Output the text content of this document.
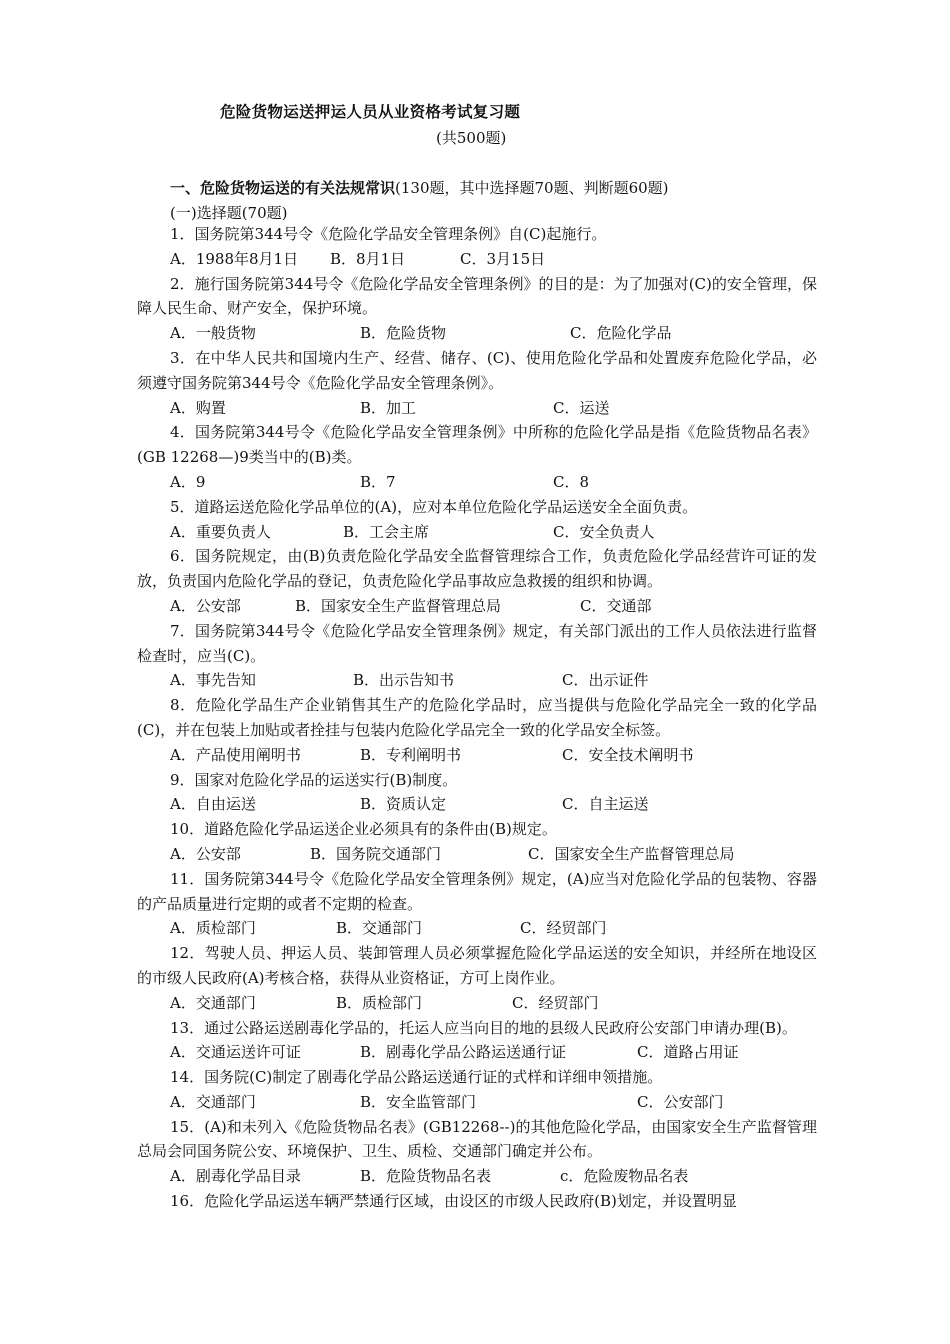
危险货物运送押运人员从业资格考试复习题
(共500题)
一、危险货物运送的有关法规常识(130题，其中选择题70题、判断题60题)
(一)选择题(70题)

1．国务院第344号令《危险化学品安全管理条例》自(C)起施行。

A．1988年8月1日 B．8月1日	C．3月15日

2．施行国务院第344号令《危险化学品安全管理条例》的目的是：为了加强对(C)的安全管理，保障人民生命、财产安全，保护环境。

A．一般货物	B．危险货物	C．危险化学品

3．在中华人民共和国境内生产、经营、储存、(C)、使用危险化学品和处置废弃危险化学品，必须遵守国务院第344号令《危险化学品安全管理条例》。

A．购置	B．加工	C．运送

4．国务院第344号令《危险化学品安全管理条例》中所称的危险化学品是指《危险货物品名表》(GB 12268—)9类当中的(B)类。

A．9	B．7	C．8

5．道路运送危险化学品单位的(A)，应对本单位危险化学品运送安全全面负责。

A．重要负责人	B．工会主席	C．安全负责人

6．国务院规定，由(B)负责危险化学品安全监督管理综合工作，负责危险化学品经营许可证的发放，负责国内危险化学品的登记，负责危险化学品事故应急救援的组织和协调。

A．公安部	B．国家安全生产监督管理总局	C．交通部

7．国务院第344号令《危险化学品安全管理条例》规定，有关部门派出的工作人员依法进行监督检查时，应当(C)。

A．事先告知	B．出示告知书	C．出示证件

8．危险化学品生产企业销售其生产的危险化学品时，应当提供与危险化学品完全一致的化学品(C)，并在包装上加贴或者拴挂与包装内危险化学品完全一致的化学品安全标签。

A．产品使用阐明书	B．专利阐明书	C．安全技术阐明书

9．国家对危险化学品的运送实行(B)制度。

A．自由运送	B．资质认定	C．自主运送

10．道路危险化学品运送企业必须具有的条件由(B)规定。

A．公安部	B．国务院交通部门	C．国家安全生产监督管理总局

11．国务院第344号令《危险化学品安全管理条例》规定，(A)应当对危险化学品的包装物、容器的产品质量进行定期的或者不定期的检查。

A．质检部门	B．交通部门	C．经贸部门

12．驾驶人员、押运人员、装卸管理人员必须掌握危险化学品运送的安全知识，并经所在地设区的市级人民政府(A)考核合格，获得从业资格证，方可上岗作业。

A．交通部门	B．质检部门	C．经贸部门

13．通过公路运送剧毒化学品的，托运人应当向目的地的县级人民政府公安部门申请办理(B)。

A．交通运送许可证	B．剧毒化学品公路运送通行证	C．道路占用证

14．国务院(C)制定了剧毒化学品公路运送通行证的式样和详细申领措施。

A．交通部门	B．安全监管部门	C．公安部门

15．(A)和未列入《危险货物品名表》(GB12268--)的其他危险化学品，由国家安全生产监督管理总局会同国务院公安、环境保护、卫生、质检、交通部门确定并公布。

A．剧毒化学品目录	B．危险货物品名表	c．危险废物品名表

16．危险化学品运送车辆严禁通行区域，由设区的市级人民政府(B)划定，并设置明显
